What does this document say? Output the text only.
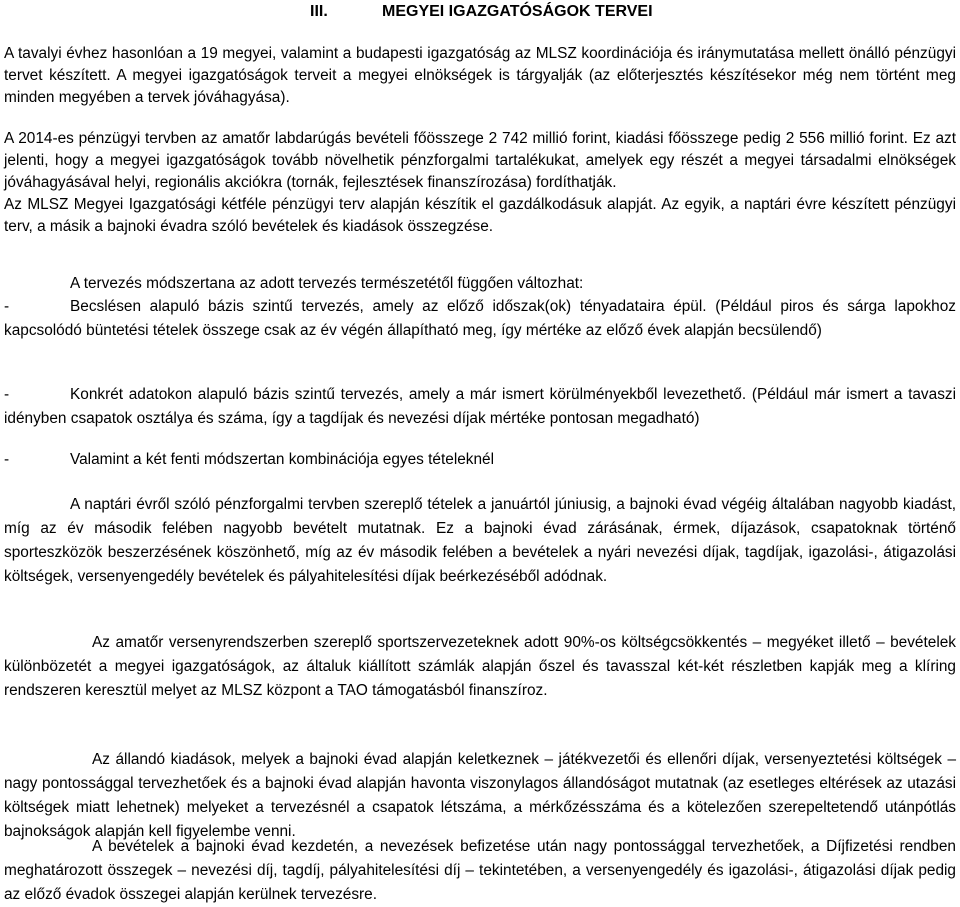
III.	MEGYEI IGAZGATÓSÁGOK TERVEI

A tavalyi évhez hasonlóan a 19 megyei, valamint a budapesti igazgatóság az MLSZ koordinációja és iránymutatása mellett önálló pénzügyi tervet készített. A megyei igazgatóságok terveit a megyei elnökségek is tárgyalják (az előterjesztés készítésekor még nem történt meg minden megyében a tervek jóváhagyása).

A 2014-es pénzügyi tervben az amatőr labdarúgás bevételi főösszege 2 742 millió forint, kiadási főösszege pedig 2 556 millió forint. Ez azt jelenti, hogy a megyei igazgatóságok tovább növelhetik pénzforgalmi tartalékukat, amelyek egy részét a megyei társadalmi elnökségek jóváhagyásával helyi, regionális akciókra (tornák, fejlesztések finanszírozása) fordíthatják.
Az MLSZ Megyei Igazgatósági kétféle pénzügyi terv alapján készítik el gazdálkodásuk alapját. Az egyik, a naptári évre készített pénzügyi terv, a másik a bajnoki évadra szóló bevételek és kiadások összegzése.

A tervezés módszertana az adott tervezés természetétől függően változhat:

-	Becslésen alapuló bázis szintű tervezés, amely az előző időszak(ok) tényadataira épül. (Például piros és sárga lapokhoz kapcsolódó büntetési tételek összege csak az év végén állapítható meg, így mértéke az előző évek alapján becsülendő)

-	Konkrét adatokon alapuló bázis szintű tervezés, amely a már ismert körülményekből levezethető. (Például már ismert a tavaszi idényben csapatok osztálya és száma, így a tagdíjak és nevezési díjak mértéke pontosan megadható)

-	Valamint a két fenti módszertan kombinációja egyes tételeknél

A naptári évről szóló pénzforgalmi tervben szereplő tételek a januártól júniusig, a bajnoki évad végéig általában nagyobb kiadást, míg az év második felében nagyobb bevételt mutatnak. Ez a bajnoki évad zárásának, érmek, díjazások, csapatoknak történő sporteszközök beszerzésének köszönhető, míg az év második felében a bevételek a nyári nevezési díjak, tagdíjak, igazolási-, átigazolási költségek, versenyengedély bevételek és pályahitelesítési díjak beérkezéséből adódnak.

Az amatőr versenyrendszerben szereplő sportszervezeteknek adott 90%-os költségcsökkentés – megyéket illető – bevételek különbözetét a megyei igazgatóságok, az általuk kiállított számlák alapján őszel és tavasszal két-két részletben kapják meg a klíring rendszeren keresztül melyet az MLSZ központ a TAO támogatásból finanszíroz.

Az állandó kiadások, melyek a bajnoki évad alapján keletkeznek – játékvezetői és ellenőri díjak, versenyeztetési költségek – nagy pontossággal tervezhetőek és a bajnoki évad alapján havonta viszonylagos állandóságot mutatnak (az esetleges eltérések az utazási költségek miatt lehetnek) melyeket a tervezésnél a csapatok létszáma, a mérkőzésszáma és a kötelezően szerepeltetendő utánpótlás bajnokságok alapján kell figyelembe venni.

A bevételek a bajnoki évad kezdetén, a nevezések befizetése után nagy pontossággal tervezhetőek, a Díjfizetési rendben meghatározott összegek – nevezési díj, tagdíj, pályahitelesítési díj – tekintetében, a versenyengedély és igazolási-, átigazolási díjak pedig az előző évadok összegei alapján kerülnek tervezésre.
